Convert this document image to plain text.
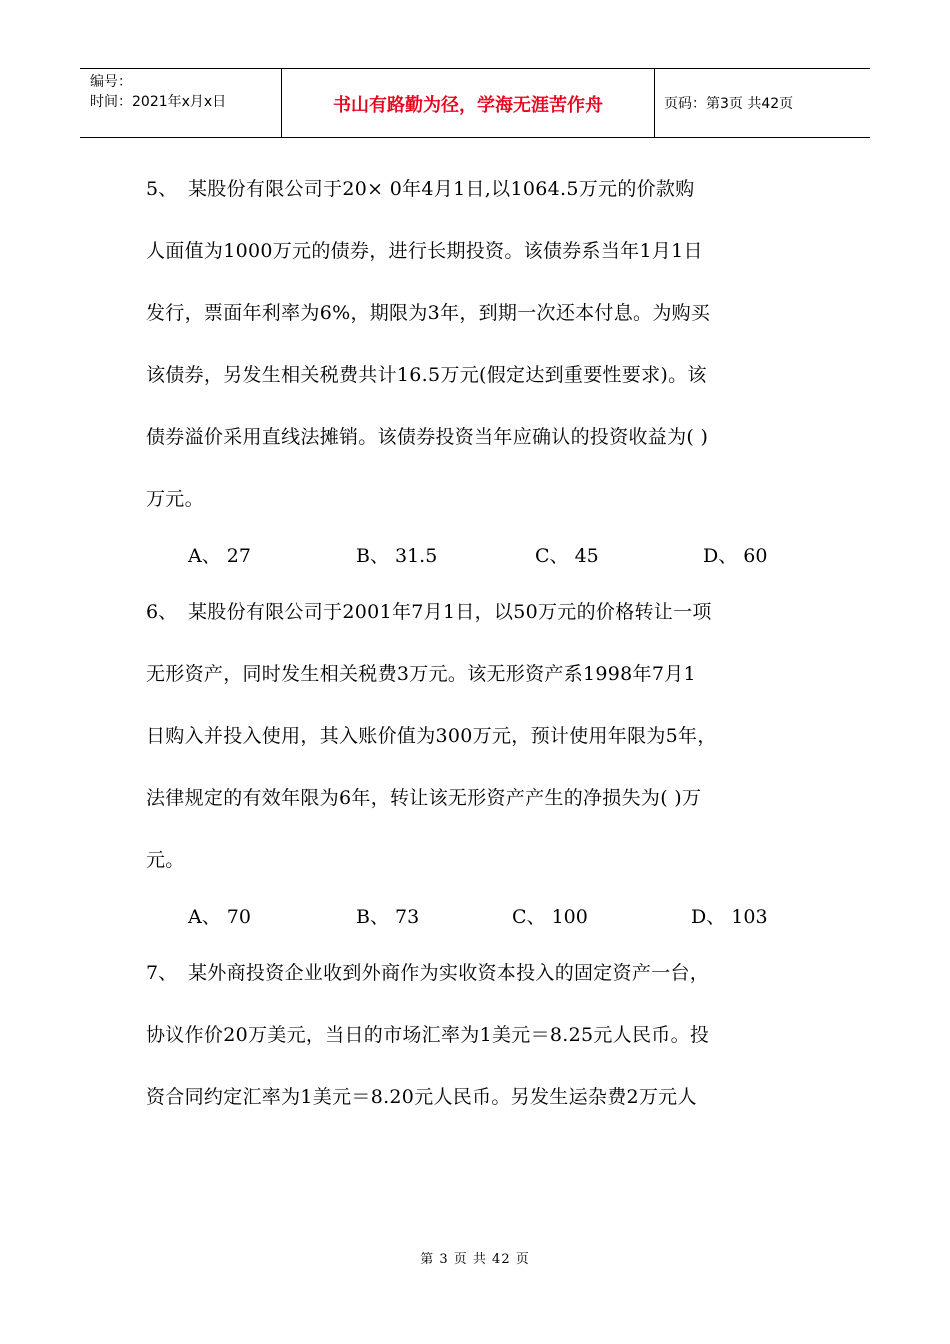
编号：
时间：2021年x月x日	书山有路勤为径，学海无涯苦作舟	页码：第3页 共42页
5、 某股份有限公司于20× 0年4月1日,以1064.5万元的价款购
人面值为1000万元的债券，进行长期投资。该债券系当年1月1日
发行，票面年利率为6%，期限为3年，到期一次还本付息。为购买
该债券，另发生相关税费共计16.5万元(假定达到重要性要求)。该
债券溢价采用直线法摊销。该债券投资当年应确认的投资收益为( )
万元。
A、 27	B、 31.5	C、 45	D、 60
6、 某股份有限公司于2001年7月1日，以50万元的价格转让一项
无形资产，同时发生相关税费3万元。该无形资产系1998年7月1
日购入并投入使用，其入账价值为300万元，预计使用年限为5年，
法律规定的有效年限为6年，转让该无形资产产生的净损失为( )万
元。
A、 70	B、 73	C、 100	D、 103
7、 某外商投资企业收到外商作为实收资本投入的固定资产一台，
协议作价20万美元，当日的市场汇率为1美元＝8.25元人民币。投
资合同约定汇率为1美元＝8.20元人民币。另发生运杂费2万元人
第 3 页 共 42 页
